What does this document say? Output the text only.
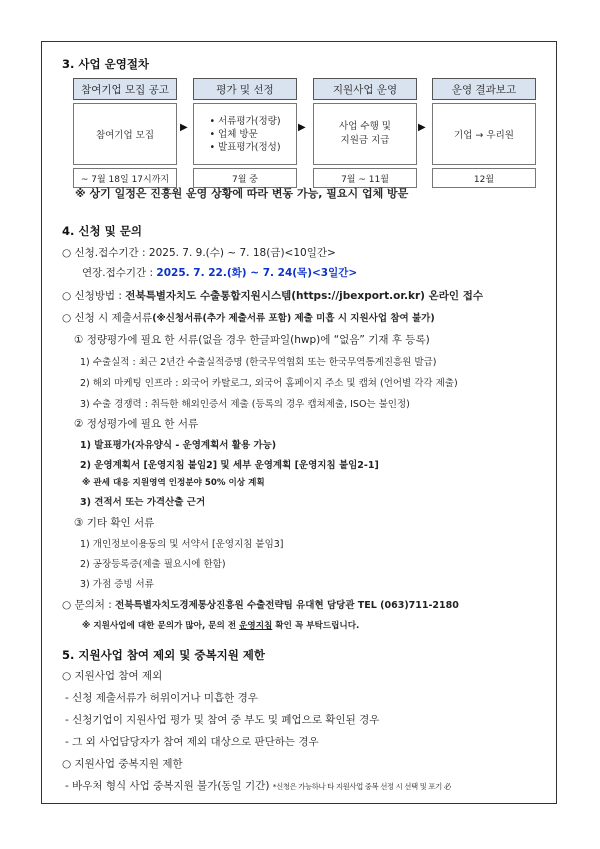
3. 사업 운영절차
참여기업 모집 공고
참여기업 모집
~ 7월 18일 17시까지
▶
평가 및 선정
• 서류평가(정량)
• 업체 방문
• 발표평가(정성)
7월 중
▶
지원사업 운영
사업 수행 및
지원금 지급
7월 ~ 11월
▶
운영 결과보고
기업 → 우리원
12월
※ 상기 일정은 진흥원 운영 상황에 따라 변동 가능, 필요시 업체 방문
4. 신청 및 문의
○ 신청.접수기간 : 2025. 7. 9.(수) ~ 7. 18(금)<10일간>
연장.접수기간 : 2025. 7. 22.(화) ~ 7. 24(목)<3일간>
○ 신청방법 : 전북특별자치도 수출통합지원시스템(https://jbexport.or.kr) 온라인 접수
○ 신청 시 제출서류(※신청서류(추가 제출서류 포함) 제출 미흡 시 지원사업 참여 불가)
① 정량평가에 필요 한 서류(없을 경우 한글파일(hwp)에 “없음” 기재 후 등록)
1) 수출실적 : 최근 2년간 수출실적증명 (한국무역협회 또는 한국무역통계진흥원 발급)
2) 해외 마케팅 인프라 : 외국어 카탈로그, 외국어 홈페이지 주소 및 캡쳐 (언어별 각각 제출)
3) 수출 경쟁력 : 취득한 해외인증서 제출 (등록의 경우 캡쳐제출, ISO는 불인정)
② 정성평가에 필요 한 서류
1) 발표평가(자유양식 - 운영계획서 활용 가능)
2) 운영계획서 [운영지침 붙임2] 및 세부 운영계획 [운영지침 붙임2-1]
※ 관세 대응 지원영역 인정분야 50% 이상 계획
3) 견적서 또는 가격산출 근거
③ 기타 확인 서류
1) 개인정보이용동의 및 서약서 [운영지침 붙임3]
2) 공장등록증(제출 필요시에 한함)
3) 가점 증빙 서류
○ 문의처 : 전북특별자치도경제통상진흥원 수출전략팀 유대현 담당관 TEL (063)711-2180
※ 지원사업에 대한 문의가 많아, 문의 전 운영지침 확인 꼭 부탁드립니다.
5. 지원사업 참여 제외 및 중복지원 제한
○ 지원사업 참여 제외
- 신청 제출서류가 허위이거나 미흡한 경우
- 신청기업이 지원사업 평가 및 참여 중 부도 및 폐업으로 확인된 경우
- 그 외 사업담당자가 참여 제외 대상으로 판단하는 경우
○ 지원사업 중복지원 제한
- 바우처 형식 사업 중복지원 불가(동일 기간) *신청은 가능하나 타 지원사업 중복 선정 시 선택 및 포기 必
